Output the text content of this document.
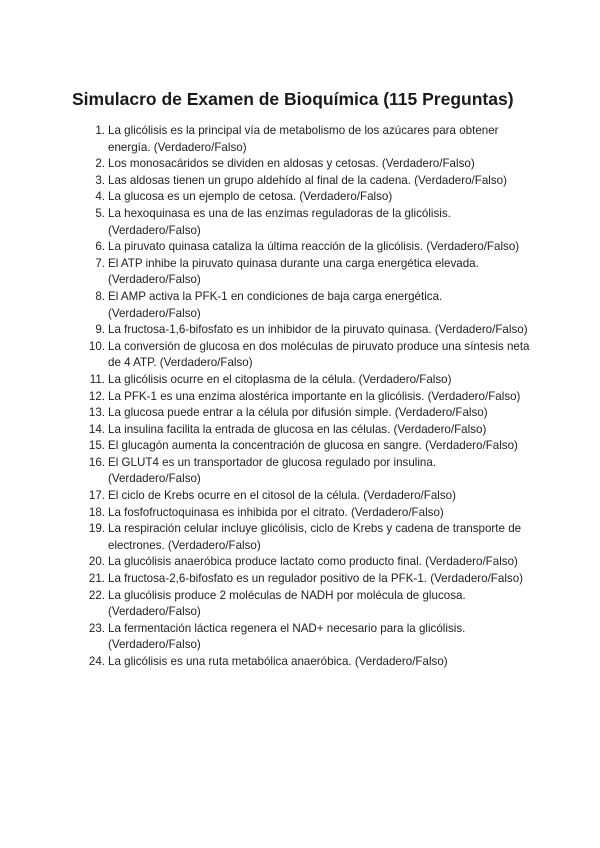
Simulacro de Examen de Bioquímica (115 Preguntas)
1. La glicólisis es la principal vía de metabolismo de los azúcares para obtener energía. (Verdadero/Falso)
2. Los monosacáridos se dividen en aldosas y cetosas. (Verdadero/Falso)
3. Las aldosas tienen un grupo aldehído al final de la cadena. (Verdadero/Falso)
4. La glucosa es un ejemplo de cetosa. (Verdadero/Falso)
5. La hexoquinasa es una de las enzimas reguladoras de la glicólisis. (Verdadero/Falso)
6. La piruvato quinasa cataliza la última reacción de la glicólisis. (Verdadero/Falso)
7. El ATP inhibe la piruvato quinasa durante una carga energética elevada. (Verdadero/Falso)
8. El AMP activa la PFK-1 en condiciones de baja carga energética. (Verdadero/Falso)
9. La fructosa-1,6-bifosfato es un inhibidor de la piruvato quinasa. (Verdadero/Falso)
10. La conversión de glucosa en dos moléculas de piruvato produce una síntesis neta de 4 ATP. (Verdadero/Falso)
11. La glicólisis ocurre en el citoplasma de la célula. (Verdadero/Falso)
12. La PFK-1 es una enzima alostérica importante en la glicólisis. (Verdadero/Falso)
13. La glucosa puede entrar a la célula por difusión simple. (Verdadero/Falso)
14. La insulina facilita la entrada de glucosa en las células. (Verdadero/Falso)
15. El glucagón aumenta la concentración de glucosa en sangre. (Verdadero/Falso)
16. El GLUT4 es un transportador de glucosa regulado por insulina. (Verdadero/Falso)
17. El ciclo de Krebs ocurre en el citosol de la célula. (Verdadero/Falso)
18. La fosfofructoquinasa es inhibida por el citrato. (Verdadero/Falso)
19. La respiración celular incluye glicólisis, ciclo de Krebs y cadena de transporte de electrones. (Verdadero/Falso)
20. La glucólisis anaeróbica produce lactato como producto final. (Verdadero/Falso)
21. La fructosa-2,6-bifosfato es un regulador positivo de la PFK-1. (Verdadero/Falso)
22. La glucólisis produce 2 moléculas de NADH por molécula de glucosa. (Verdadero/Falso)
23. La fermentación láctica regenera el NAD+ necesario para la glicólisis. (Verdadero/Falso)
24. La glicólisis es una ruta metabólica anaeróbica. (Verdadero/Falso)
